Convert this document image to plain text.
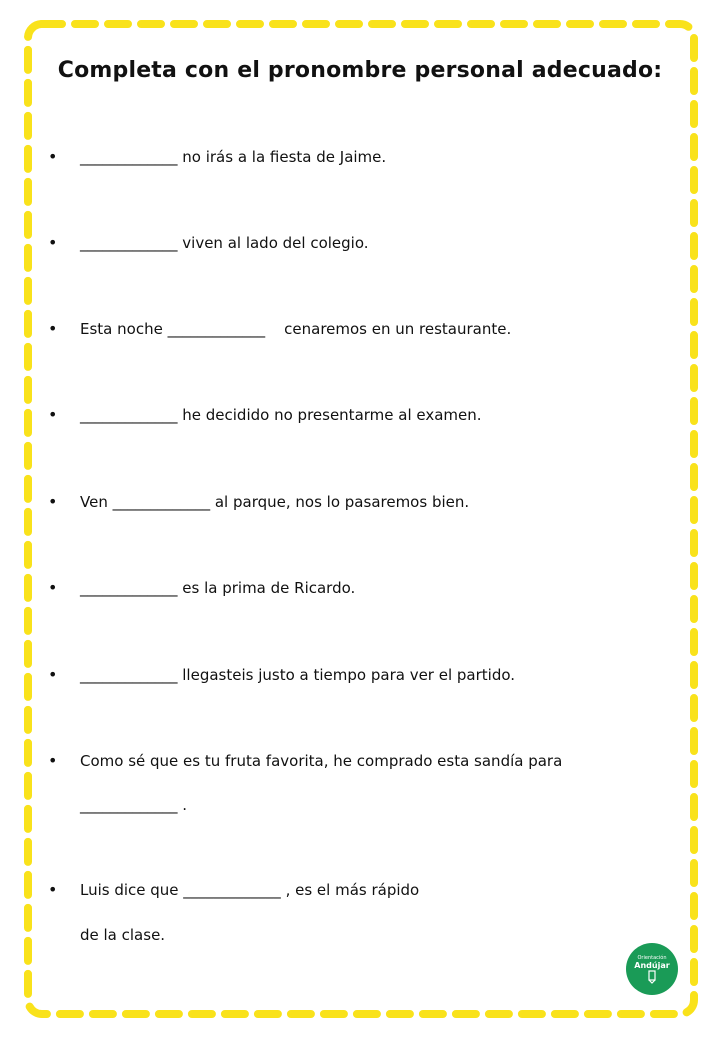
Completa con el pronombre personal adecuado:
• _____________ no irás a la fiesta de Jaime.
• _____________ viven al lado del colegio.
• Esta noche _____________    cenaremos en un restaurante.
• _____________ he decidido no presentarme al examen.
• Ven _____________ al parque, nos lo pasaremos bien.
• _____________ es la prima de Ricardo.
• _____________ llegasteis justo a tiempo para ver el partido.
• Como sé que es tu fruta favorita, he comprado esta sandía para
_____________ .
• Luis dice que _____________ , es el más rápido
de la clase.
Orientación
Andújar
